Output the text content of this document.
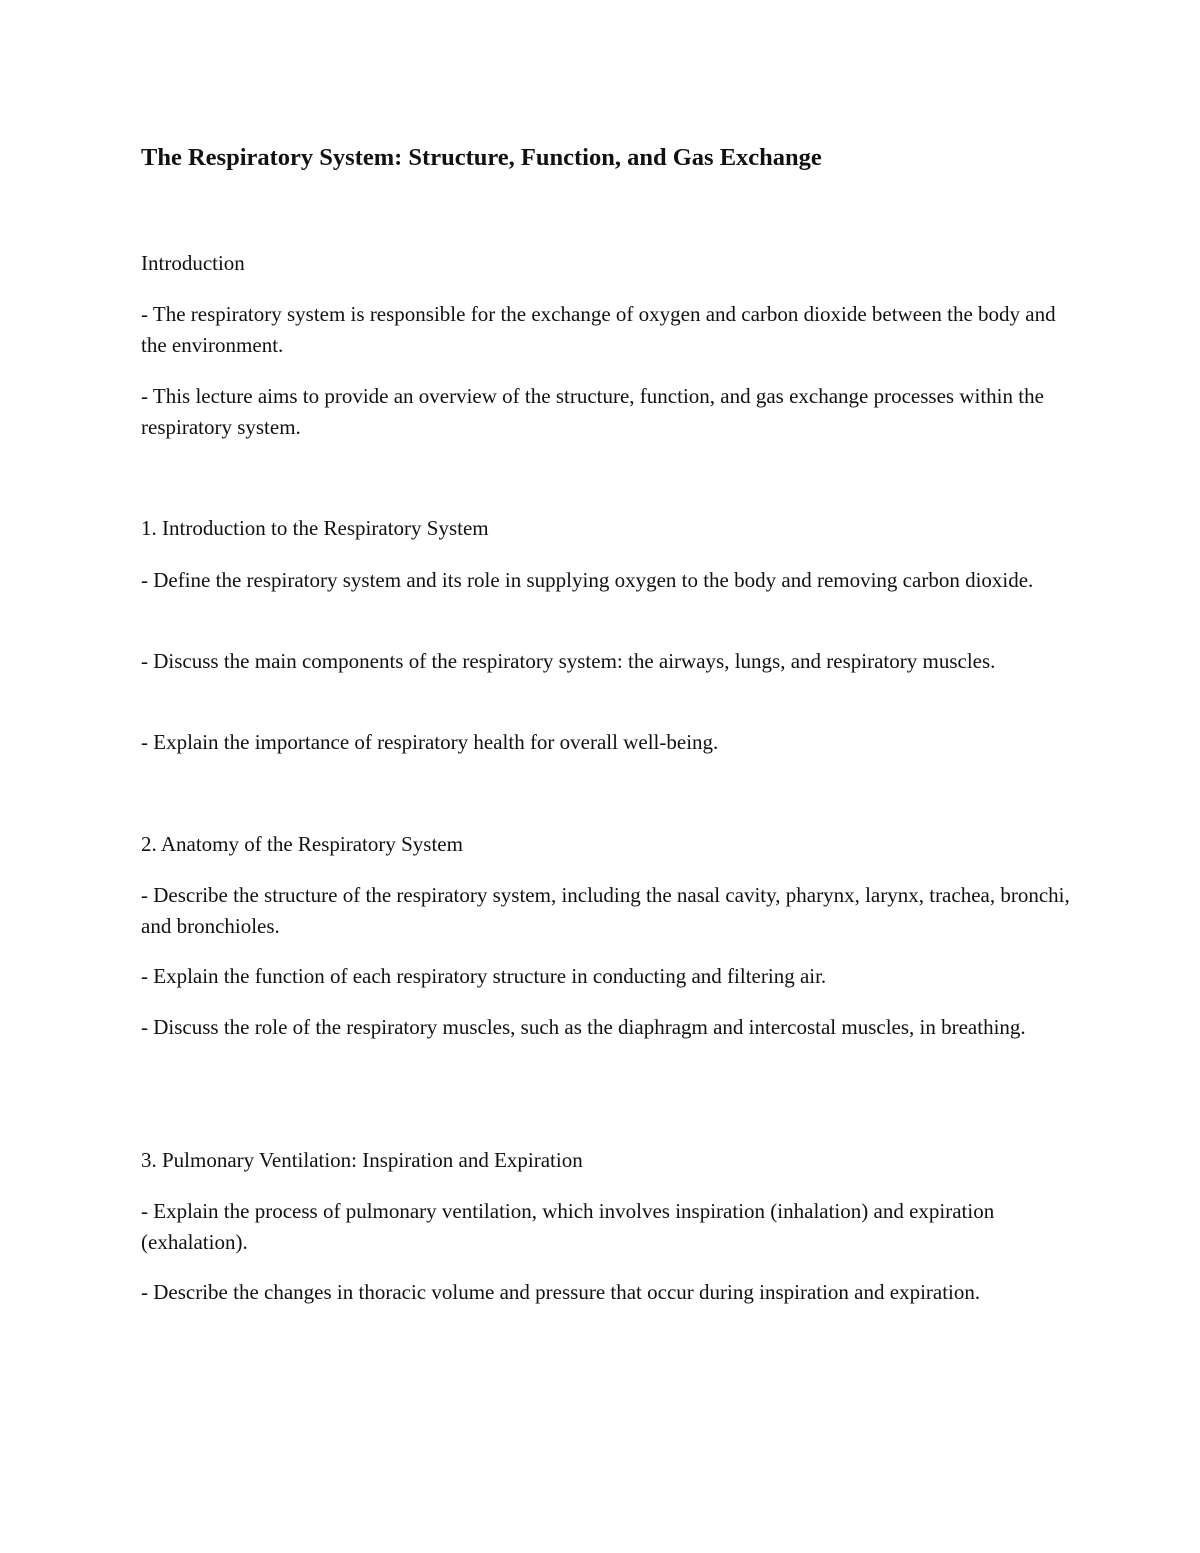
The Respiratory System: Structure, Function, and Gas Exchange
Introduction

- The respiratory system is responsible for the exchange of oxygen and carbon dioxide between the body and the environment.

- This lecture aims to provide an overview of the structure, function, and gas exchange processes within the respiratory system.

1. Introduction to the Respiratory System

- Define the respiratory system and its role in supplying oxygen to the body and removing carbon dioxide.

- Discuss the main components of the respiratory system: the airways, lungs, and respiratory muscles.

- Explain the importance of respiratory health for overall well-being.

2. Anatomy of the Respiratory System

- Describe the structure of the respiratory system, including the nasal cavity, pharynx, larynx, trachea, bronchi, and bronchioles.

- Explain the function of each respiratory structure in conducting and filtering air.

- Discuss the role of the respiratory muscles, such as the diaphragm and intercostal muscles, in breathing.

3. Pulmonary Ventilation: Inspiration and Expiration

- Explain the process of pulmonary ventilation, which involves inspiration (inhalation) and expiration (exhalation).

- Describe the changes in thoracic volume and pressure that occur during inspiration and expiration.
